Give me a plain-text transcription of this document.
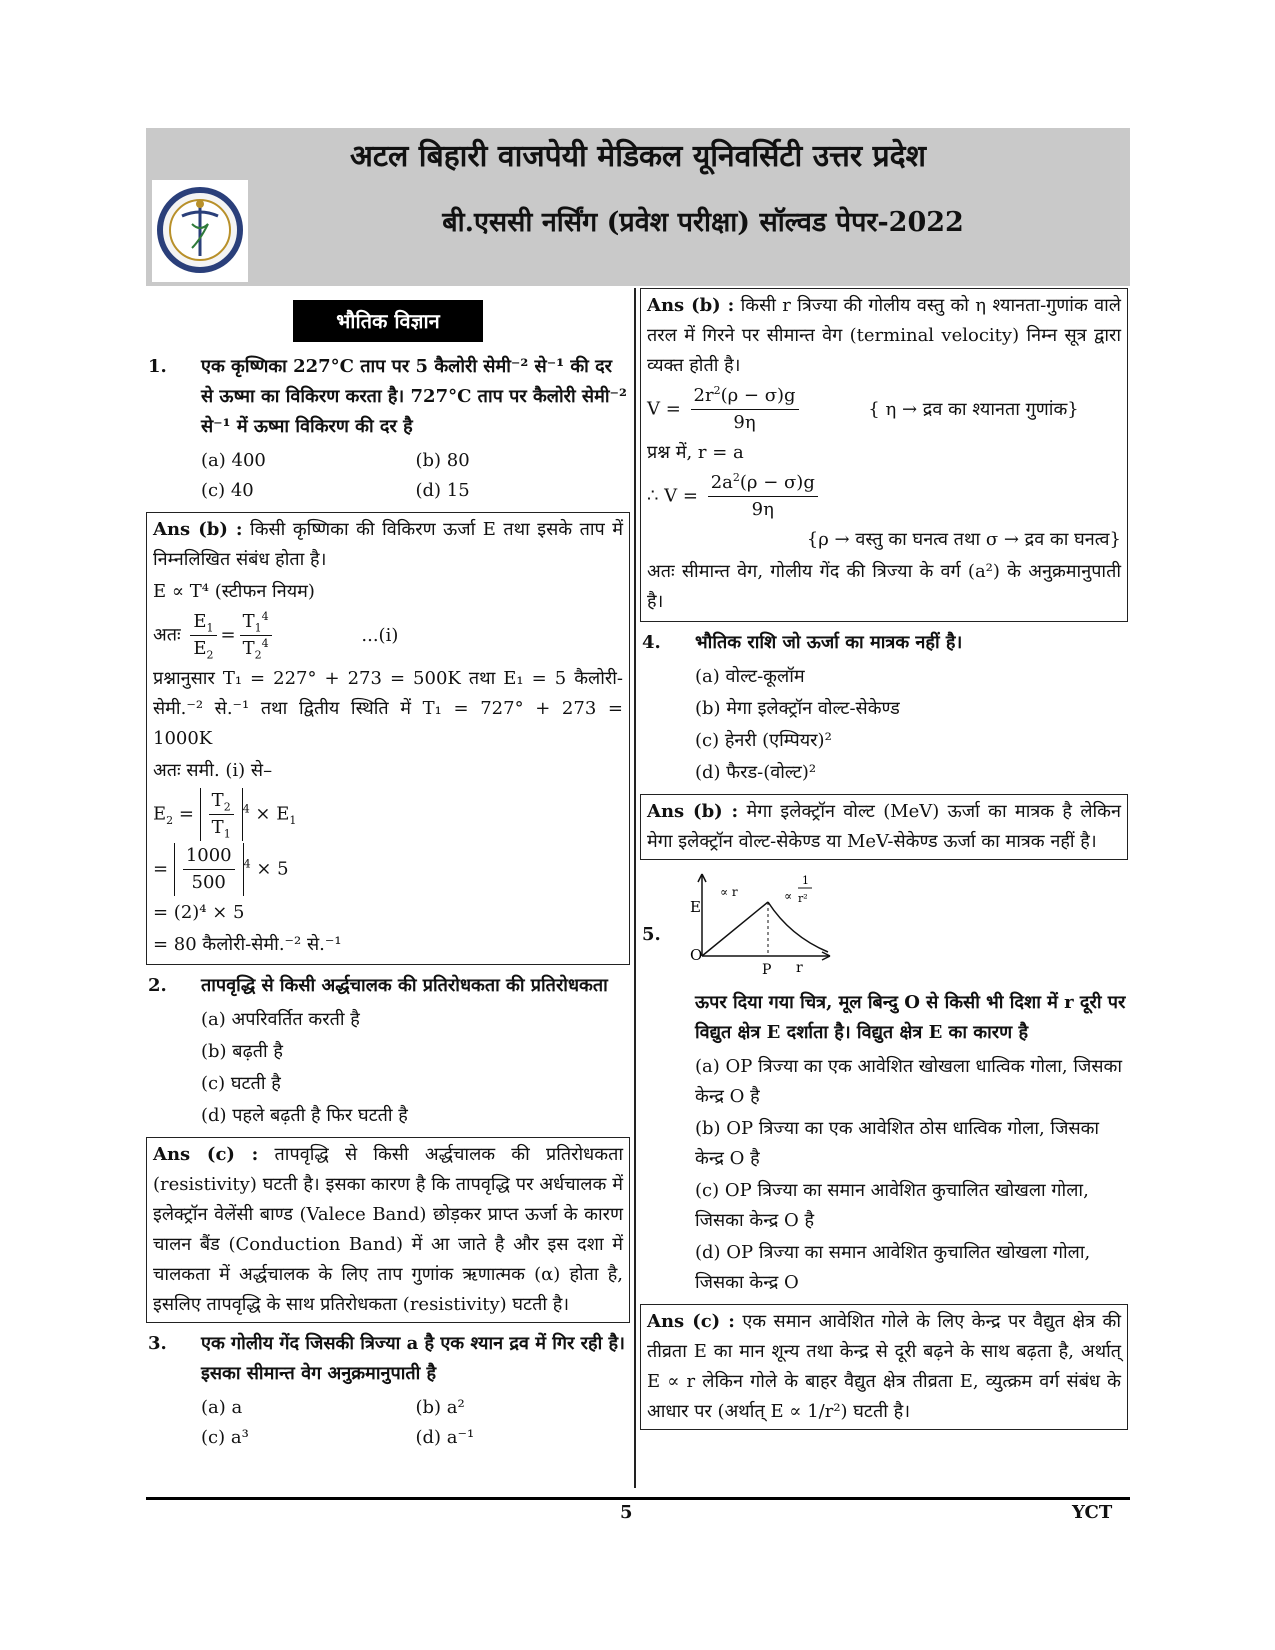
अटल बिहारी वाजपेयी मेडिकल यूनिवर्सिटी उत्तर प्रदेश
बी.एससी नर्सिंग (प्रवेश परीक्षा) सॉल्वड पेपर-2022
भौतिक विज्ञान
1. एक कृष्णिका 227°C ताप पर 5 कैलोरी सेमी⁻² से⁻¹ की दर से ऊष्मा का विकिरण करता है। 727°C ताप पर कैलोरी सेमी⁻² से⁻¹ में ऊष्मा विकिरण की दर है
(a) 400	(b) 80
(c) 40	(d) 15
Ans (b) : किसी कृष्णिका की विकिरण ऊर्जा E तथा इसके ताप में निम्नलिखित संबंध होता है।
E ∝ T⁴ (स्टीफन नियम)
अतः $\frac{E_1}{E_2} = \frac{T_1^4}{T_2^4}$	...(i)
प्रश्नानुसार T₁ = 227° + 273 = 500K तथा E₁ = 5 कैलोरी-सेमी.⁻² से.⁻¹ तथा द्वितीय स्थिति में T₁ = 727° + 273 = 1000K
अतः समी. (i) से–
$E_2 = \frac{T_2}{T_1} ^4 \times E_1$
= $\frac{1000}{500} ^4 \times 5$
= (2)⁴ × 5
= 80 कैलोरी-सेमी.⁻² से.⁻¹
2. तापवृद्धि से किसी अर्द्धचालक की प्रतिरोधकता की प्रतिरोधकता
(a) अपरिवर्तित करती है
(b) बढ़ती है
(c) घटती है
(d) पहले बढ़ती है फिर घटती है
Ans (c) : तापवृद्धि से किसी अर्द्धचालक की प्रतिरोधकता (resistivity) घटती है। इसका कारण है कि तापवृद्धि पर अर्धचालक में इलेक्ट्रॉन वेलेंसी बाण्ड (Valece Band) छोड़कर प्राप्त ऊर्जा के कारण चालन बैंड (Conduction Band) में आ जाते है और इस दशा में चालकता में अर्द्धचालक के लिए ताप गुणांक ऋणात्मक (α) होता है, इसलिए तापवृद्धि के साथ प्रतिरोधकता (resistivity) घटती है।
3. एक गोलीय गेंद जिसकी त्रिज्या a है एक श्यान द्रव में गिर रही है। इसका सीमान्त वेग अनुक्रमानुपाती है
(a) a	(b) a²
(c) a³	(d) a⁻¹
Ans (b) : किसी r त्रिज्या की गोलीय वस्तु को η श्यानता-गुणांक वाले तरल में गिरने पर सीमान्त वेग (terminal velocity) निम्न सूत्र द्वारा व्यक्त होती है।
$V = \frac{2r^2(\rho - \sigma)g}{9\eta}$	{ η → द्रव का श्यानता गुणांक}
प्रश्न में, r = a
∴ $V = \frac{2a^2(\rho - \sigma)g}{9\eta}$
{ρ → वस्तु का घनत्व तथा σ → द्रव का घनत्व}
अतः सीमान्त वेग, गोलीय गेंद की त्रिज्या के वर्ग (a²) के अनुक्रमानुपाती है।
4. भौतिक राशि जो ऊर्जा का मात्रक नहीं है।
(a) वोल्ट-कूलॉम
(b) मेगा इलेक्ट्रॉन वोल्ट-सेकेण्ड
(c) हेनरी (एम्पियर)²
(d) फैरड-(वोल्ट)²
Ans (b) : मेगा इलेक्ट्रॉन वोल्ट (MeV) ऊर्जा का मात्रक है लेकिन मेगा इलेक्ट्रॉन वोल्ट-सेकेण्ड या MeV-सेकेण्ड ऊर्जा का मात्रक नहीं है।
5.
E
O
P r
∝ r	∝
1
r²
ऊपर दिया गया चित्र, मूल बिन्दु O से किसी भी दिशा में r दूरी पर विद्युत क्षेत्र E दर्शाता है। विद्युत क्षेत्र E का कारण है
(a) OP त्रिज्या का एक आवेशित खोखला धात्विक गोला, जिसका केन्द्र O है
(b) OP त्रिज्या का एक आवेशित ठोस धात्विक गोला, जिसका केन्द्र O है
(c) OP त्रिज्या का समान आवेशित कुचालित खोखला गोला, जिसका केन्द्र O है
(d) OP त्रिज्या का समान आवेशित कुचालित खोखला गोला, जिसका केन्द्र O
Ans (c) : एक समान आवेशित गोले के लिए केन्द्र पर वैद्युत क्षेत्र की तीव्रता E का मान शून्य तथा केन्द्र से दूरी बढ़ने के साथ बढ़ता है, अर्थात् E ∝ r लेकिन गोले के बाहर वैद्युत क्षेत्र तीव्रता E, व्युत्क्रम वर्ग संबंध के आधार पर (अर्थात् E ∝ 1/r²) घटती है।
5	YCT
